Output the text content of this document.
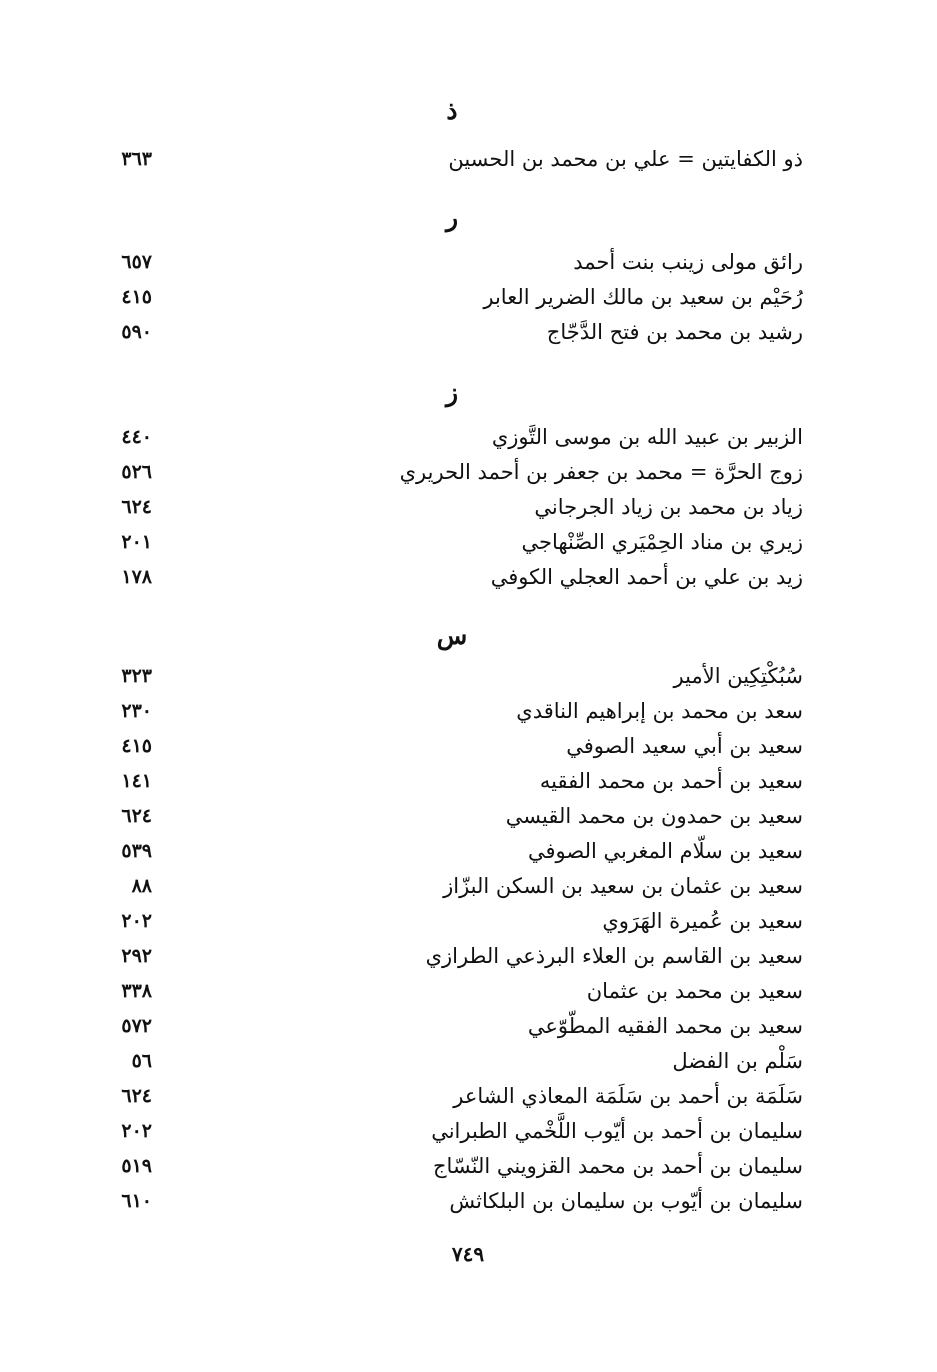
ذ
ذو الكفايتين = علي بن محمد بن الحسين
٣٦٣
ر
رائق مولى زينب بنت أحمد
٦٥٧
رُحَيْم بن سعيد بن مالك الضرير العابر
٤١٥
رشيد بن محمد بن فتح الدَّجّاج
٥٩٠
ز
الزبير بن عبيد الله بن موسى التَّوزي
٤٤٠
زوج الحرَّة = محمد بن جعفر بن أحمد الحريري
٥٢٦
زياد بن محمد بن زياد الجرجاني
٦٢٤
زيري بن مناد الحِمْيَري الصِّنْهاجي
٢٠١
زيد بن علي بن أحمد العجلي الكوفي
١٧٨
س
سُبُكْتِكِين الأمير
٣٢٣
سعد بن محمد بن إبراهيم الناقدي
٢٣٠
سعيد بن أبي سعيد الصوفي
٤١٥
سعيد بن أحمد بن محمد الفقيه
١٤١
سعيد بن حمدون بن محمد القيسي
٦٢٤
سعيد بن سلّام المغربي الصوفي
٥٣٩
سعيد بن عثمان بن سعيد بن السكن البزّاز
٨٨
سعيد بن عُميرة الهَرَوي
٢٠٢
سعيد بن القاسم بن العلاء البرذعي الطرازي
٢٩٢
سعيد بن محمد بن عثمان
٣٣٨
سعيد بن محمد الفقيه المطّوّعي
٥٧٢
سَلْم بن الفضل
٥٦
سَلَمَة بن أحمد بن سَلَمَة المعاذي الشاعر
٦٢٤
سليمان بن أحمد بن أيّوب اللَّخْمي الطبراني
٢٠٢
سليمان بن أحمد بن محمد القزويني النّسّاج
٥١٩
سليمان بن أيّوب بن سليمان بن البلكاثش
٦١٠
٧٤٩
